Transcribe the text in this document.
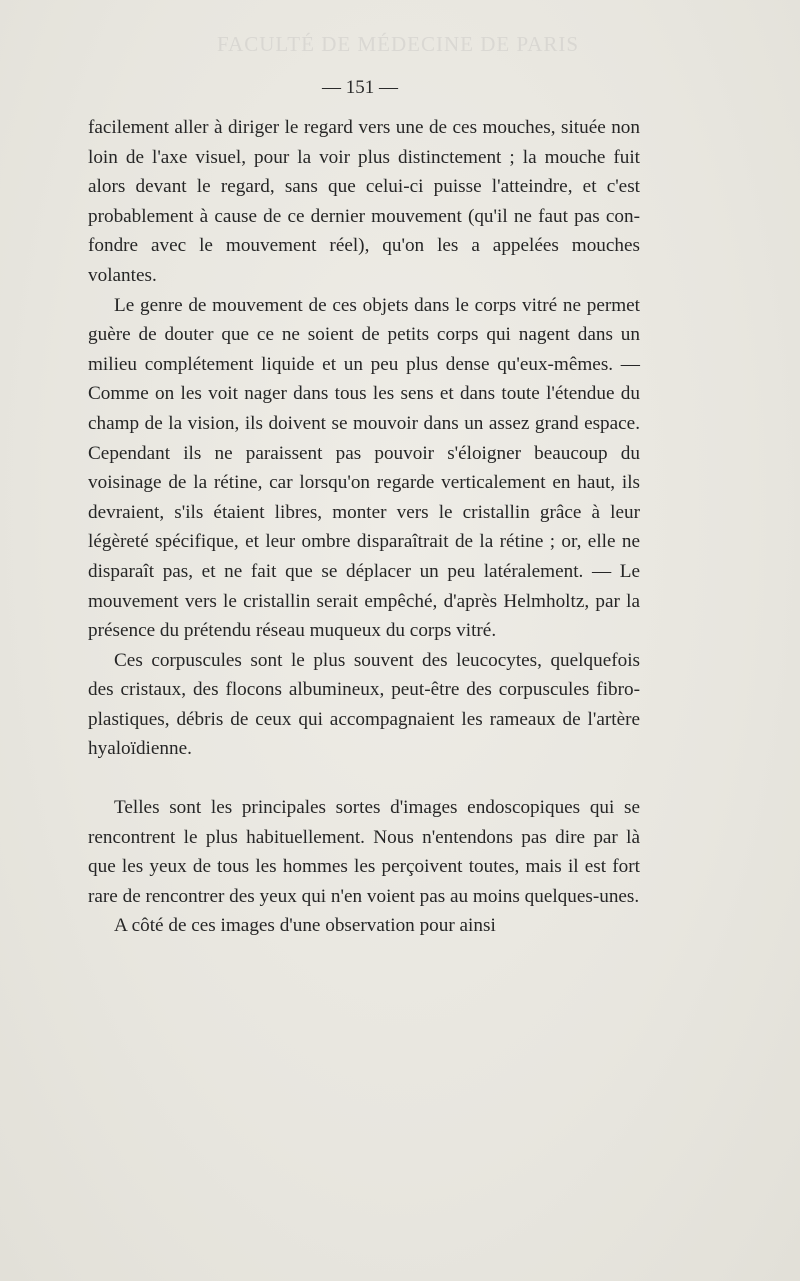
FACULTÉ DE MÉDECINE DE PARIS
— 151 —

facilement aller à diriger le regard vers une de ces mouches, située non loin de l'axe visuel, pour la voir plus distinctement ; la mouche fuit alors devant le regard, sans que celui-ci puisse l'atteindre, et c'est probablement à cause de ce dernier mouvement (qu'il ne faut pas confondre avec le mouvement réel), qu'on les a appelées mouches volantes.

Le genre de mouvement de ces objets dans le corps vitré ne permet guère de douter que ce ne soient de petits corps qui nagent dans un milieu complétement liquide et un peu plus dense qu'eux-mêmes. — Comme on les voit nager dans tous les sens et dans toute l'étendue du champ de la vision, ils doivent se mouvoir dans un assez grand espace. Cependant ils ne paraissent pas pouvoir s'éloigner beaucoup du voisinage de la rétine, car lorsqu'on regarde verticalement en haut, ils devraient, s'ils étaient libres, monter vers le cristallin grâce à leur légèreté spécifique, et leur ombre disparaîtrait de la rétine ; or, elle ne disparaît pas, et ne fait que se déplacer un peu latéralement. — Le mouvement vers le cristallin serait empêché, d'après Helmholtz, par la présence du prétendu réseau muqueux du corps vitré.

Ces corpuscules sont le plus souvent des leucocytes, quelquefois des cristaux, des flocons albumineux, peut-être des corpuscules fibro-plastiques, débris de ceux qui accompagnaient les rameaux de l'artère hyaloïdienne.

Telles sont les principales sortes d'images endoscopiques qui se rencontrent le plus habituellement. Nous n'entendons pas dire par là que les yeux de tous les hommes les perçoivent toutes, mais il est fort rare de rencontrer des yeux qui n'en voient pas au moins quelques-unes.

A côté de ces images d'une observation pour ainsi
